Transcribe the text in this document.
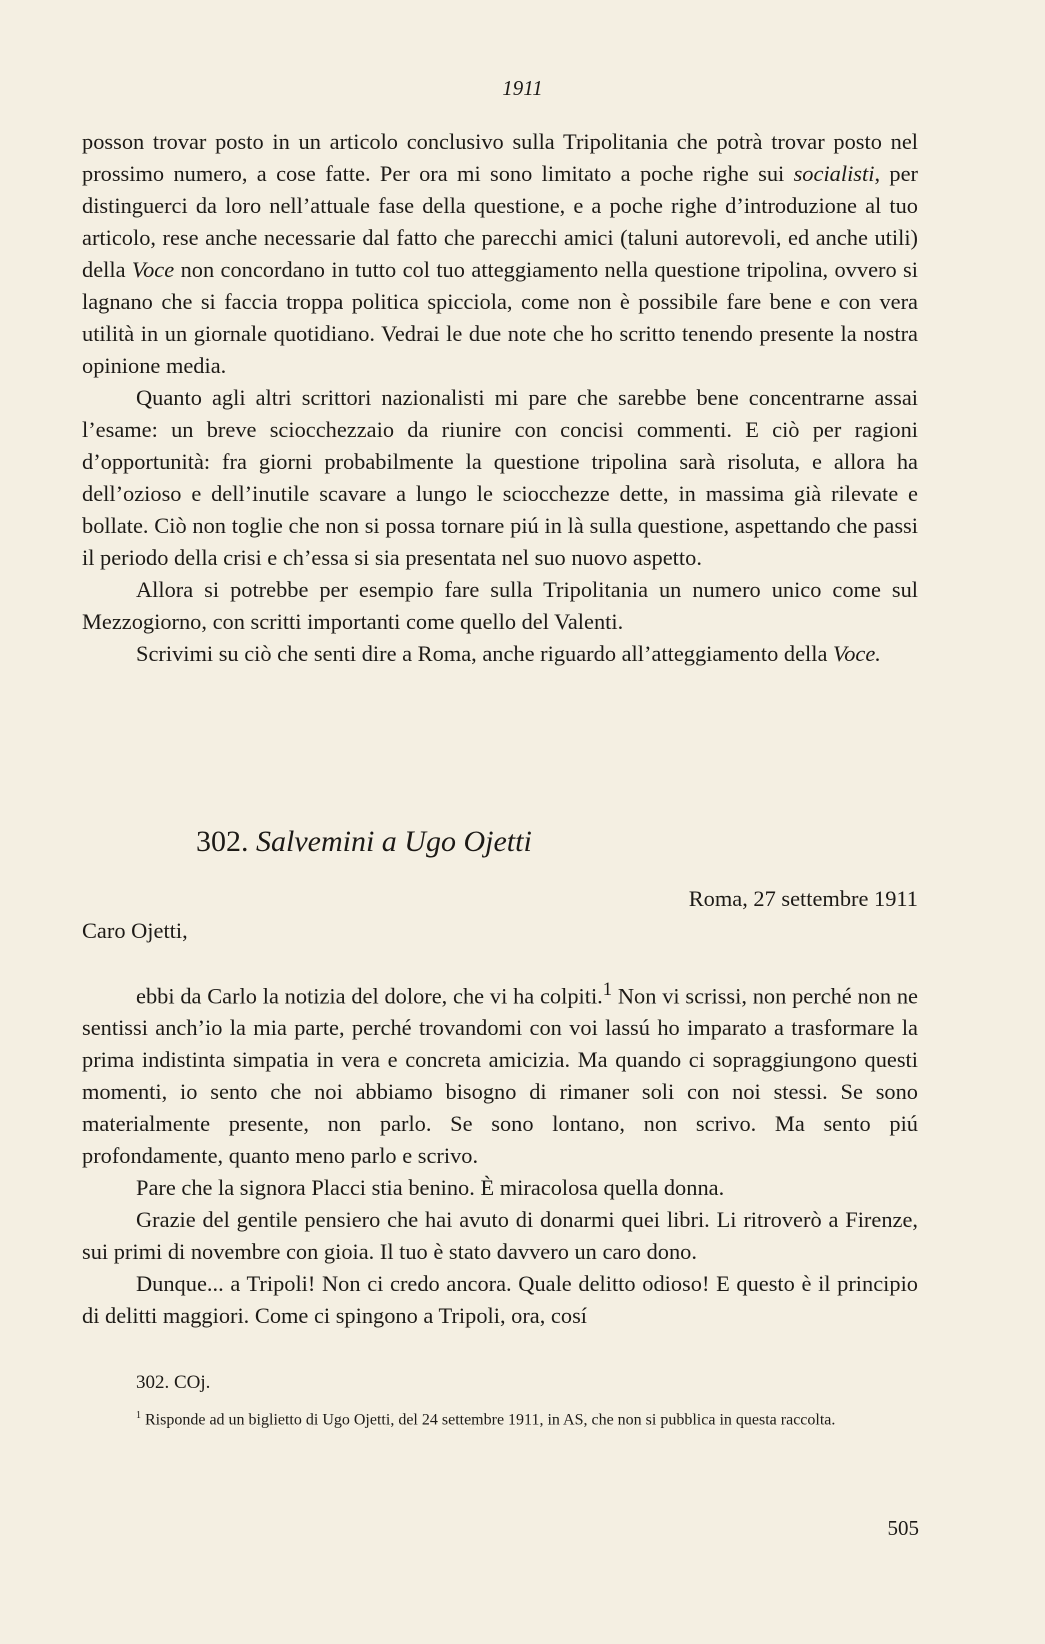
1911

posson trovar posto in un articolo conclusivo sulla Tripolitania che potrà trovar posto nel prossimo numero, a cose fatte. Per ora mi sono limitato a poche righe sui socialisti, per distinguerci da loro nell’attuale fase della questione, e a poche righe d’introduzione al tuo articolo, rese anche necessarie dal fatto che parecchi amici (taluni autorevoli, ed anche utili) della Voce non concordano in tutto col tuo atteggiamento nella questione tripolina, ovvero si lagnano che si faccia troppa politica spicciola, come non è possibile fare bene e con vera utilità in un giornale quotidiano. Vedrai le due note che ho scritto tenendo presente la nostra opinione media.

Quanto agli altri scrittori nazionalisti mi pare che sarebbe bene concentrarne assai l’esame: un breve sciocchezzaio da riunire con concisi commenti. E ciò per ragioni d’opportunità: fra giorni probabilmente la questione tripolina sarà risoluta, e allora ha dell’ozioso e dell’inutile scavare a lungo le sciocchezze dette, in massima già rilevate e bollate. Ciò non toglie che non si possa tornare piú in là sulla questione, aspettando che passi il periodo della crisi e ch’essa si sia presentata nel suo nuovo aspetto.

Allora si potrebbe per esempio fare sulla Tripolitania un numero unico come sul Mezzogiorno, con scritti importanti come quello del Valenti.

Scrivimi su ciò che senti dire a Roma, anche riguardo all’atteggiamento della Voce.

302. Salvemini a Ugo Ojetti
Roma, 27 settembre 1911
Caro Ojetti,

ebbi da Carlo la notizia del dolore, che vi ha colpiti.$^1$ Non vi scrissi, non perché non ne sentissi anch’io la mia parte, perché trovandomi con voi lassú ho imparato a trasformare la prima indistinta simpatia in vera e concreta amicizia. Ma quando ci sopraggiungono questi momenti, io sento che noi abbiamo bisogno di rimaner soli con noi stessi. Se sono materialmente presente, non parlo. Se sono lontano, non scrivo. Ma sento piú profondamente, quanto meno parlo e scrivo.

Pare che la signora Placci stia benino. È miracolosa quella donna.

Grazie del gentile pensiero che hai avuto di donarmi quei libri. Li ritroverò a Firenze, sui primi di novembre con gioia. Il tuo è stato davvero un caro dono.

Dunque... a Tripoli! Non ci credo ancora. Quale delitto odioso! E questo è il principio di delitti maggiori. Come ci spingono a Tripoli, ora, cosí

302. COj.
$^1$ Risponde ad un biglietto di Ugo Ojetti, del 24 settembre 1911, in AS, che non si pubblica in questa raccolta.
505
